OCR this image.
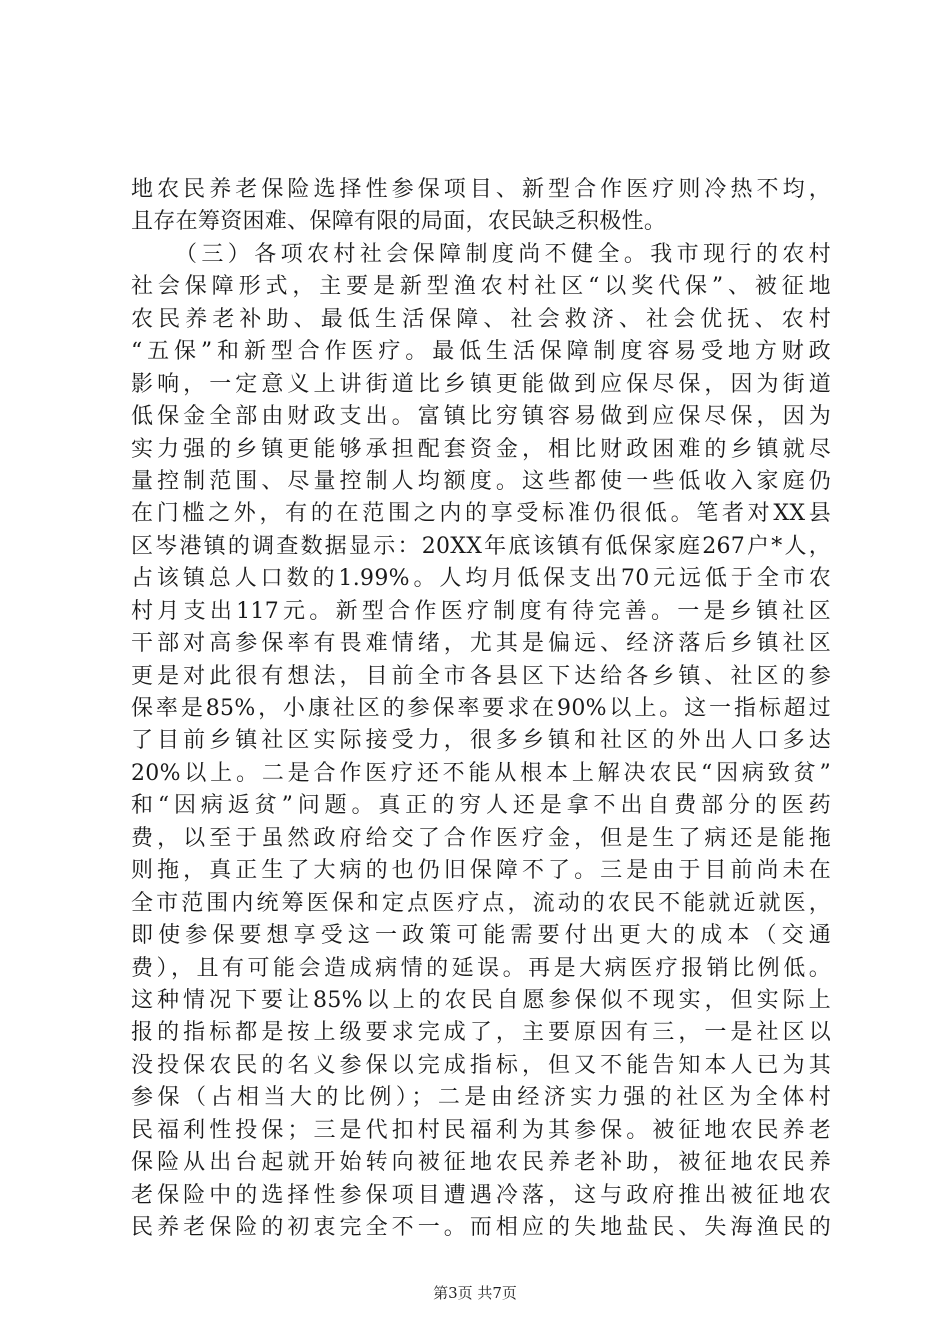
地农民养老保险选择性参保项目、新型合作医疗则冷热不均，
且存在筹资困难、保障有限的局面，农民缺乏积极性。
（三）各项农村社会保障制度尚不健全。我市现行的农村
社会保障形式，主要是新型渔农村社区“以奖代保”、被征地
农民养老补助、最低生活保障、社会救济、社会优抚、农村
“五保”和新型合作医疗。最低生活保障制度容易受地方财政
影响，一定意义上讲街道比乡镇更能做到应保尽保，因为街道
低保金全部由财政支出。富镇比穷镇容易做到应保尽保，因为
实力强的乡镇更能够承担配套资金，相比财政困难的乡镇就尽
量控制范围、尽量控制人均额度。这些都使一些低收入家庭仍
在门槛之外，有的在范围之内的享受标准仍很低。笔者对XX县
区岑港镇的调查数据显示：20XX年底该镇有低保家庭267户*人，
占该镇总人口数的1.99%。人均月低保支出70元远低于全市农
村月支出117元。新型合作医疗制度有待完善。一是乡镇社区
干部对高参保率有畏难情绪，尤其是偏远、经济落后乡镇社区
更是对此很有想法，目前全市各县区下达给各乡镇、社区的参
保率是85%，小康社区的参保率要求在90%以上。这一指标超过
了目前乡镇社区实际接受力，很多乡镇和社区的外出人口多达
20%以上。二是合作医疗还不能从根本上解决农民“因病致贫”
和“因病返贫”问题。真正的穷人还是拿不出自费部分的医药
费，以至于虽然政府给交了合作医疗金，但是生了病还是能拖
则拖，真正生了大病的也仍旧保障不了。三是由于目前尚未在
全市范围内统筹医保和定点医疗点，流动的农民不能就近就医，
即使参保要想享受这一政策可能需要付出更大的成本（交通
费），且有可能会造成病情的延误。再是大病医疗报销比例低。
这种情况下要让85%以上的农民自愿参保似不现实，但实际上
报的指标都是按上级要求完成了，主要原因有三，一是社区以
没投保农民的名义参保以完成指标，但又不能告知本人已为其
参保（占相当大的比例）；二是由经济实力强的社区为全体村
民福利性投保；三是代扣村民福利为其参保。被征地农民养老
保险从出台起就开始转向被征地农民养老补助，被征地农民养
老保险中的选择性参保项目遭遇冷落，这与政府推出被征地农
民养老保险的初衷完全不一。而相应的失地盐民、失海渔民的
第3页 共7页
